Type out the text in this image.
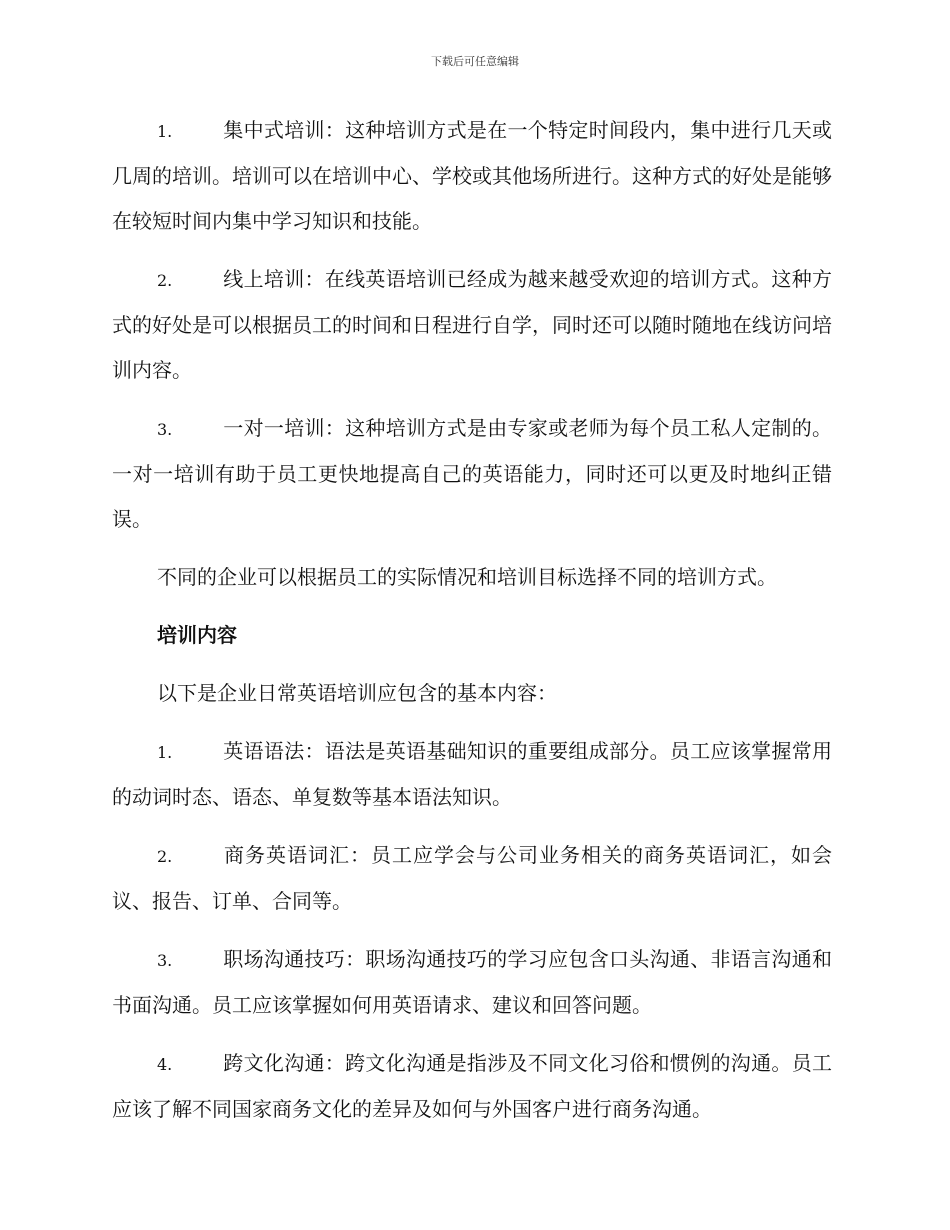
下载后可任意编辑

1.	集中式培训：这种培训方式是在一个特定时间段内，集中进行几天或几周的培训。培训可以在培训中心、学校或其他场所进行。这种方式的好处是能够在较短时间内集中学习知识和技能。

2.	线上培训：在线英语培训已经成为越来越受欢迎的培训方式。这种方式的好处是可以根据员工的时间和日程进行自学，同时还可以随时随地在线访问培训内容。

3.	一对一培训：这种培训方式是由专家或老师为每个员工私人定制的。一对一培训有助于员工更快地提高自己的英语能力，同时还可以更及时地纠正错误。

不同的企业可以根据员工的实际情况和培训目标选择不同的培训方式。

培训内容

以下是企业日常英语培训应包含的基本内容：

1.	英语语法：语法是英语基础知识的重要组成部分。员工应该掌握常用的动词时态、语态、单复数等基本语法知识。

2.	商务英语词汇：员工应学会与公司业务相关的商务英语词汇，如会议、报告、订单、合同等。

3.	职场沟通技巧：职场沟通技巧的学习应包含口头沟通、非语言沟通和书面沟通。员工应该掌握如何用英语请求、建议和回答问题。

4.	跨文化沟通：跨文化沟通是指涉及不同文化习俗和惯例的沟通。员工应该了解不同国家商务文化的差异及如何与外国客户进行商务沟通。
